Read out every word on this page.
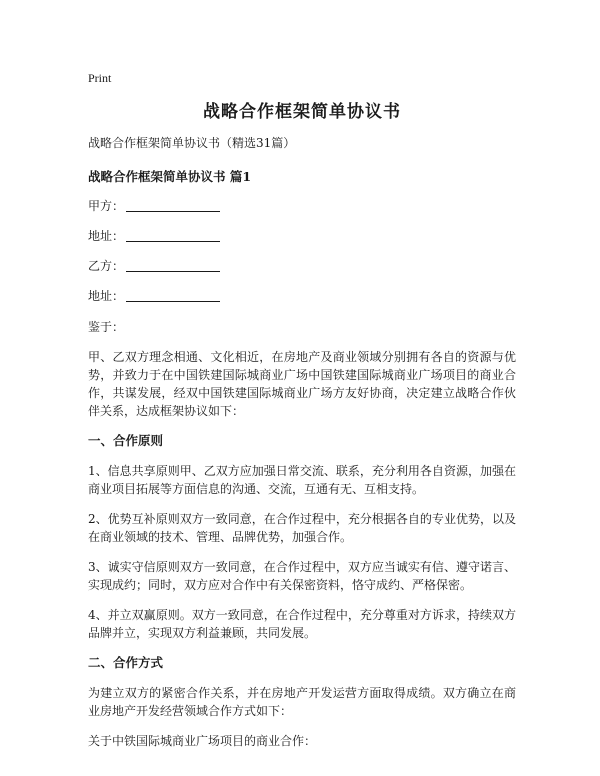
Print
战略合作框架简单协议书
战略合作框架简单协议书（精选31篇）
战略合作框架简单协议书 篇1
甲方：
地址：
乙方：
地址：
鉴于：
甲、乙双方理念相通、文化相近，在房地产及商业领域分别拥有各自的资源与优势，并致力于在中国铁建国际城商业广场中国铁建国际城商业广场项目的商业合作，共谋发展，经双中国铁建国际城商业广场方友好协商，决定建立战略合作伙伴关系，达成框架协议如下：
一、合作原则
1、信息共享原则甲、乙双方应加强日常交流、联系，充分利用各自资源，加强在商业项目拓展等方面信息的沟通、交流，互通有无、互相支持。
2、优势互补原则双方一致同意，在合作过程中，充分根据各自的专业优势，以及在商业领域的技术、管理、品牌优势，加强合作。
3、诚实守信原则双方一致同意，在合作过程中，双方应当诚实有信、遵守诺言、实现成约；同时，双方应对合作中有关保密资料，恪守成约、严格保密。
4、并立双赢原则。双方一致同意，在合作过程中，充分尊重对方诉求，持续双方品牌并立，实现双方利益兼顾，共同发展。
二、合作方式
为建立双方的紧密合作关系，并在房地产开发运营方面取得成绩。双方确立在商业房地产开发经营领域合作方式如下：
关于中铁国际城商业广场项目的商业合作：
